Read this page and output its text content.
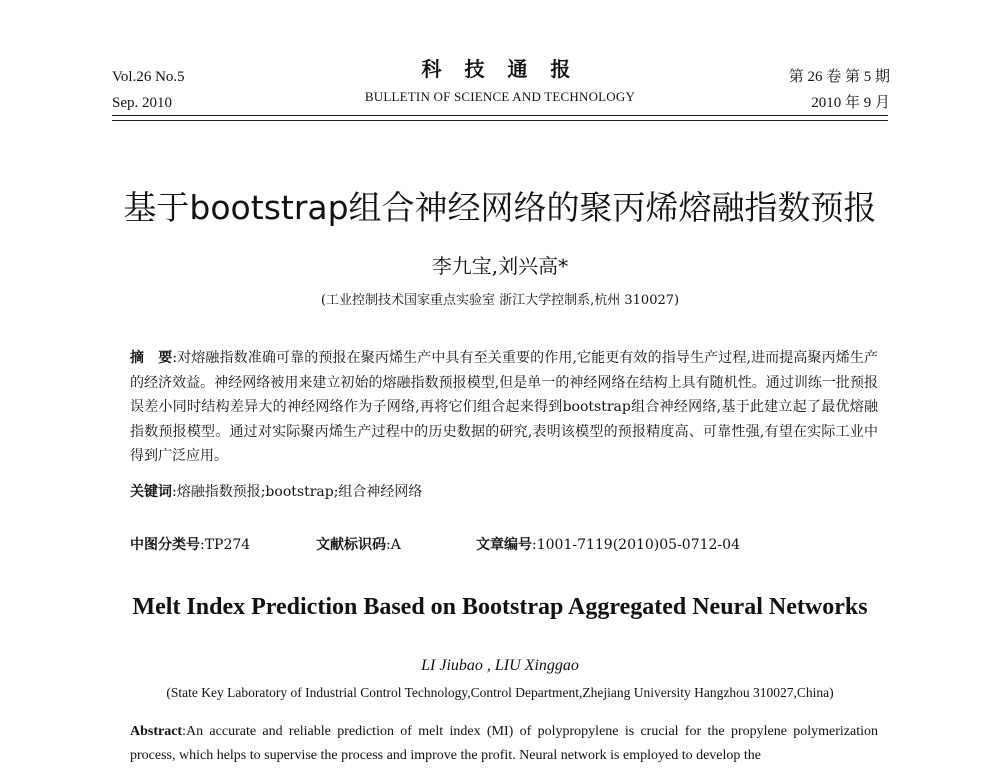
Vol.26 No.5
Sep. 2010
科 技 通 报
BULLETIN OF SCIENCE AND TECHNOLOGY
第 26 卷 第 5 期
2010 年 9 月
基于bootstrap组合神经网络的聚丙烯熔融指数预报
李九宝,刘兴高*
(工业控制技术国家重点实验室 浙江大学控制系,杭州 310027)
摘　要:对熔融指数准确可靠的预报在聚丙烯生产中具有至关重要的作用,它能更有效的指导生产过程,进而提高聚丙烯生产的经济效益。神经网络被用来建立初始的熔融指数预报模型,但是单一的神经网络在结构上具有随机性。通过训练一批预报误差小同时结构差异大的神经网络作为子网络,再将它们组合起来得到bootstrap组合神经网络,基于此建立起了最优熔融指数预报模型。通过对实际聚丙烯生产过程中的历史数据的研究,表明该模型的预报精度高、可靠性强,有望在实际工业中得到广泛应用。
关键词:熔融指数预报;bootstrap;组合神经网络
中图分类号:TP274	文献标识码:A	文章编号:1001-7119(2010)05-0712-04
Melt Index Prediction Based on Bootstrap Aggregated Neural Networks
LI Jiubao , LIU Xinggao
(State Key Laboratory of Industrial Control Technology,Control Department,Zhejiang University Hangzhou 310027,China)
Abstract:An accurate and reliable prediction of melt index (MI) of polypropylene is crucial for the propylene polymerization process, which helps to supervise the process and improve the profit. Neural network is employed to develop the
